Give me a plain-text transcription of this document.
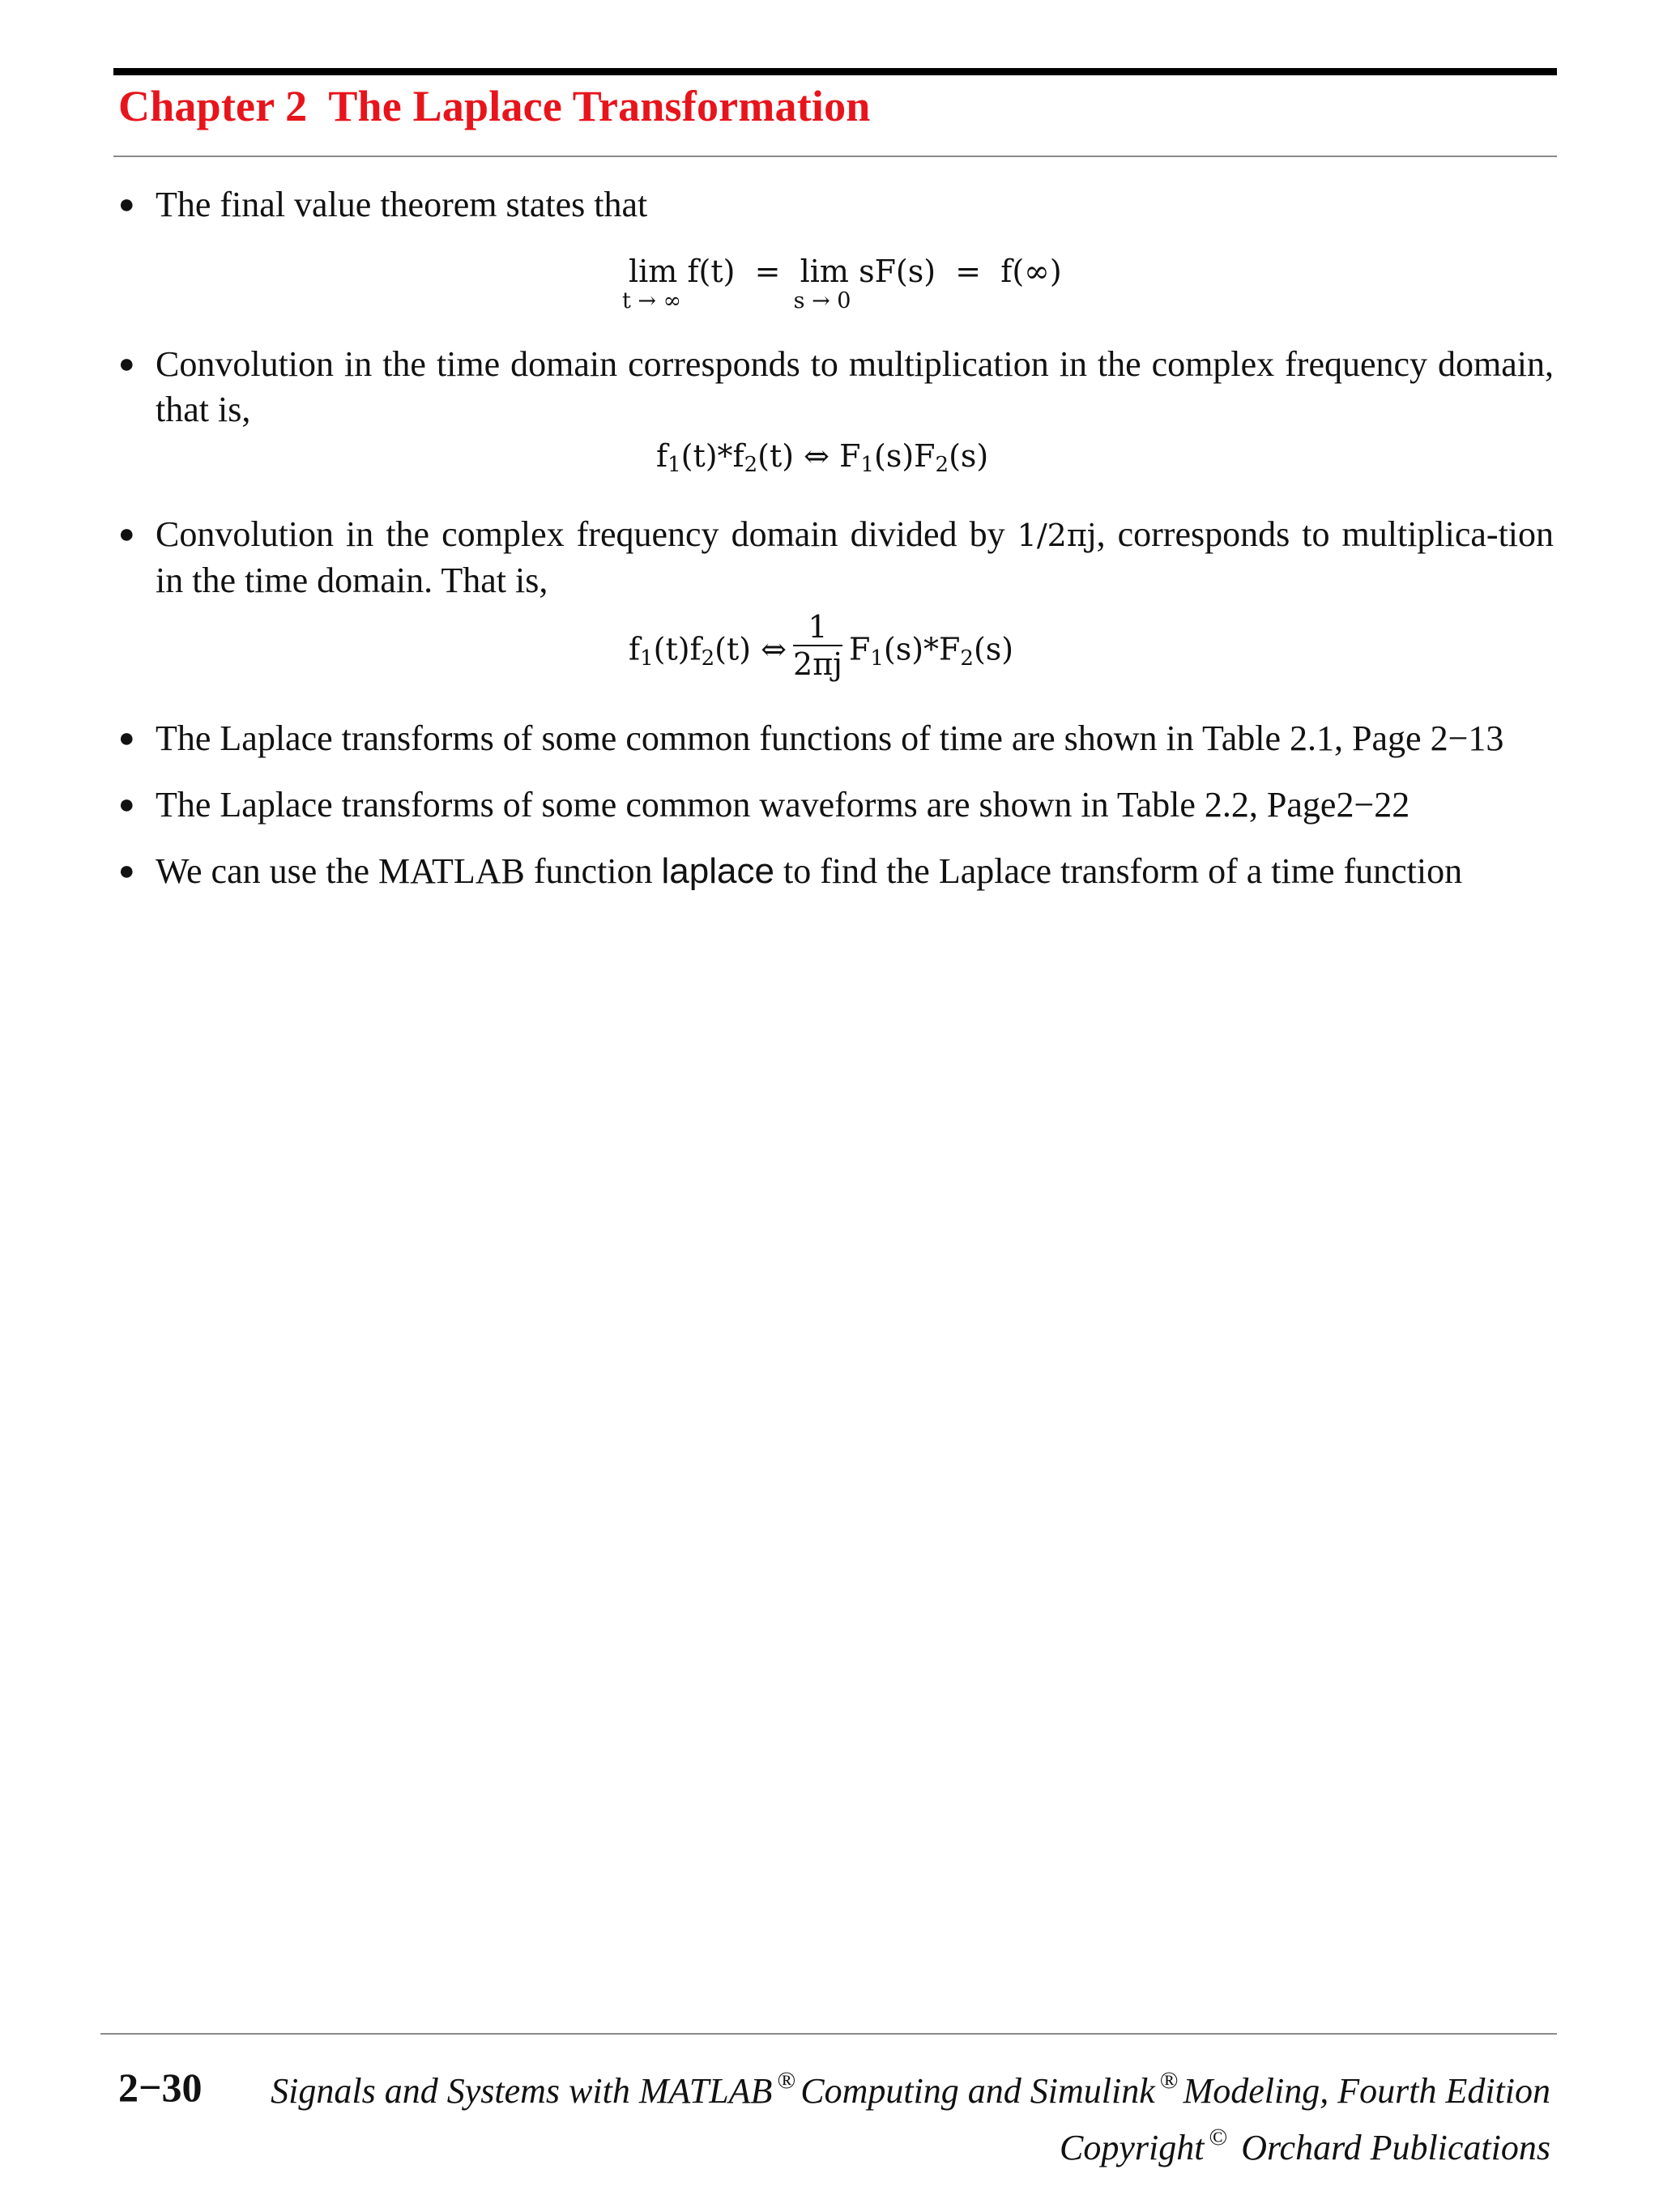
Chapter 2 The Laplace Transformation
● The final value theorem states that
lim
t → ∞
f(t) = lim
s → 0
sF(s) = f(∞)
● Convolution in the time domain corresponds to multiplication in the complex frequency domain, that is,
$f_1(t)*f_2(t)$ ⇔ $F_1(s)F_2(s)$
● Convolution in the complex frequency domain divided by 1/2πj, corresponds to multiplica-tion in the time domain. That is,
$f_1(t)f_2(t)$ ⇔ $\frac{1}{2\pi j} F_1(s)*F_2(s)$
● The Laplace transforms of some common functions of time are shown in Table 2.1, Page 2−13
● The Laplace transforms of some common waveforms are shown in Table 2.2, Page2−22
● We can use the MATLAB function laplace to find the Laplace transform of a time function
2−30 Signals and Systems with MATLAB ® Computing and Simulink ® Modeling, Fourth Edition
Copyright © Orchard Publications
